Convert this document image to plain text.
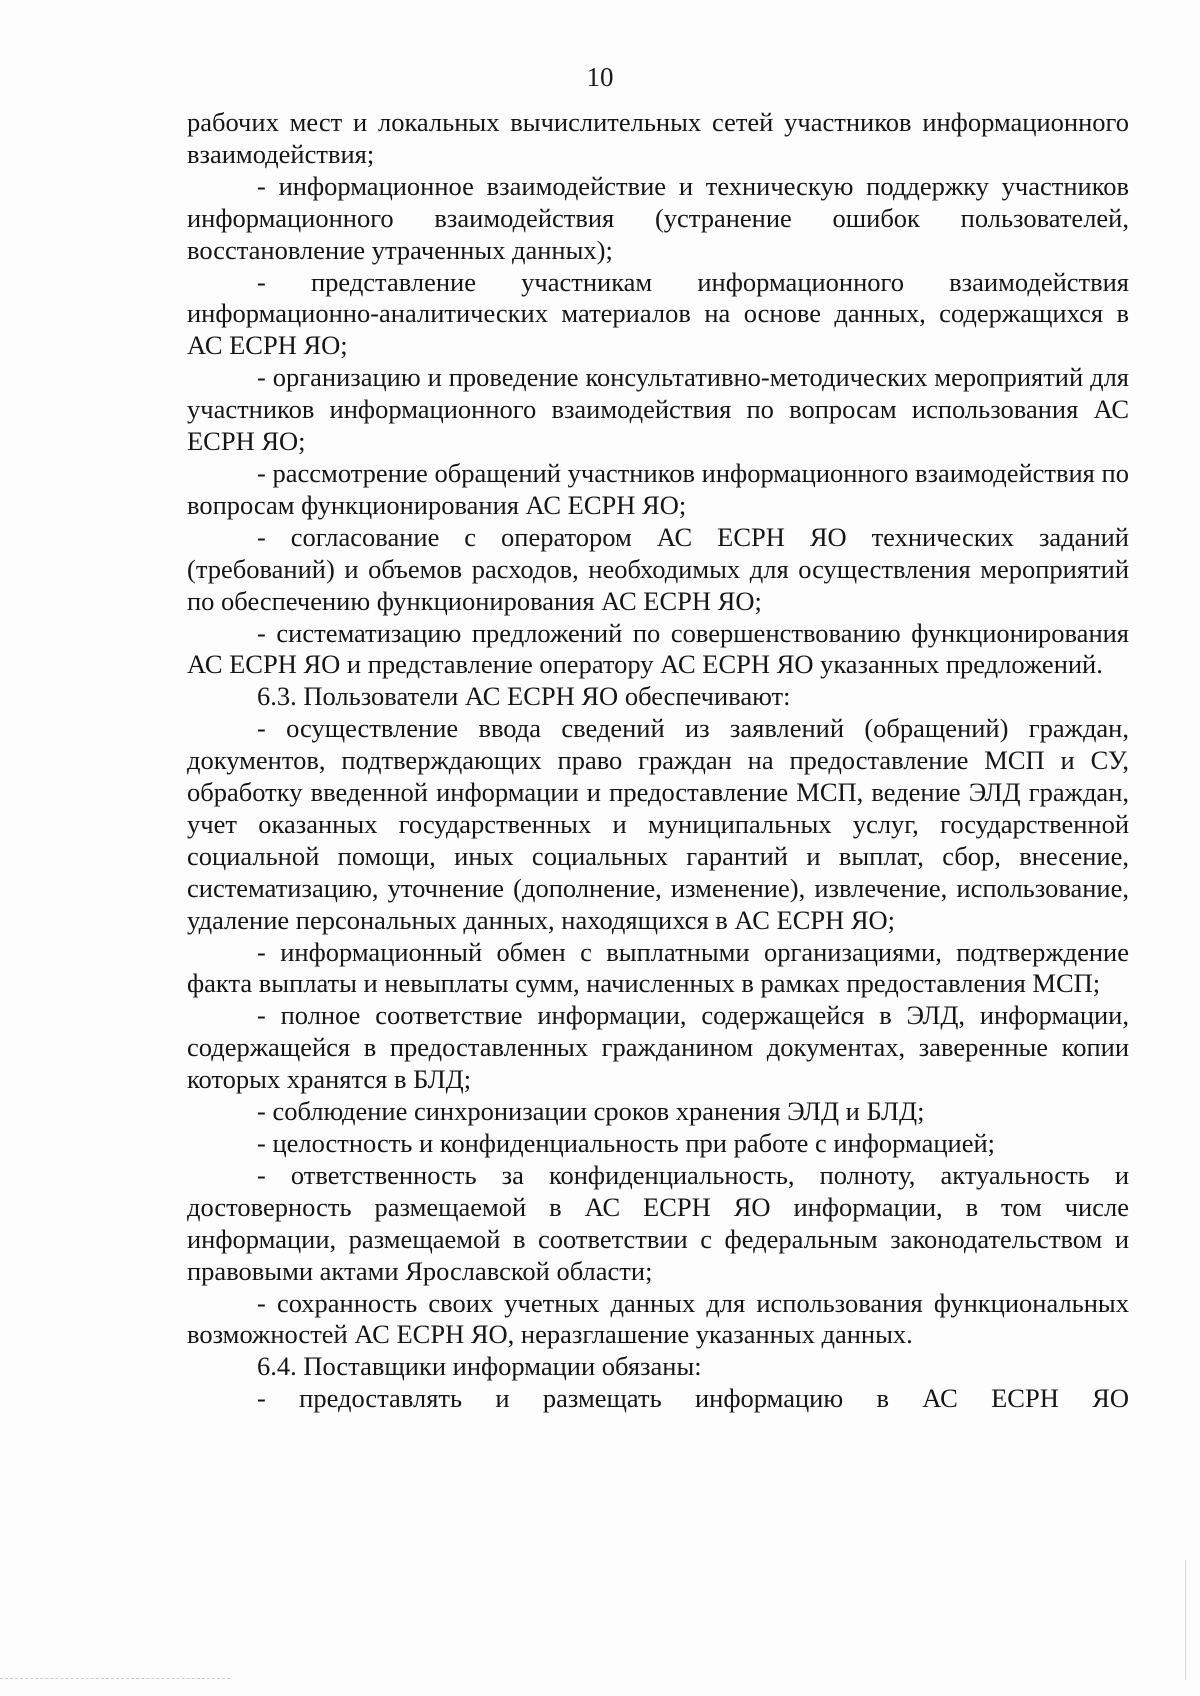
10

рабочих мест и локальных вычислительных сетей участников информационного взаимодействия;

- информационное взаимодействие и техническую поддержку участников информационного взаимодействия (устранение ошибок пользователей, восстановление утраченных данных);

- представление участникам информационного взаимодействия информационно-аналитических материалов на основе данных, содержащихся в АС ЕСРН ЯО;

- организацию и проведение консультативно-методических мероприятий для участников информационного взаимодействия по вопросам использования АС ЕСРН ЯО;

- рассмотрение обращений участников информационного взаимодействия по вопросам функционирования АС ЕСРН ЯО;

- согласование с оператором АС ЕСРН ЯО технических заданий (требований) и объемов расходов, необходимых для осуществления мероприятий по обеспечению функционирования АС ЕСРН ЯО;

- систематизацию предложений по совершенствованию функционирования АС ЕСРН ЯО и представление оператору АС ЕСРН ЯО указанных предложений.

6.3. Пользователи АС ЕСРН ЯО обеспечивают:

- осуществление ввода сведений из заявлений (обращений) граждан, документов, подтверждающих право граждан на предоставление МСП и СУ, обработку введенной информации и предоставление МСП, ведение ЭЛД граждан, учет оказанных государственных и муниципальных услуг, государственной социальной помощи, иных социальных гарантий и выплат, сбор, внесение, систематизацию, уточнение (дополнение, изменение), извлечение, использование, удаление персональных данных, находящихся в АС ЕСРН ЯО;

- информационный обмен с выплатными организациями, подтверждение факта выплаты и невыплаты сумм, начисленных в рамках предоставления МСП;

- полное соответствие информации, содержащейся в ЭЛД, информации, содержащейся в предоставленных гражданином документах, заверенные копии которых хранятся в БЛД;

- соблюдение синхронизации сроков хранения ЭЛД и БЛД;

- целостность и конфиденциальность при работе с информацией;

- ответственность за конфиденциальность, полноту, актуальность и достоверность размещаемой в АС ЕСРН ЯО информации, в том числе информации, размещаемой в соответствии с федеральным законодательством и правовыми актами Ярославской области;

- сохранность своих учетных данных для использования функциональных возможностей АС ЕСРН ЯО, неразглашение указанных данных.

6.4. Поставщики информации обязаны:

- предоставлять и размещать информацию в АС ЕСРН ЯО
